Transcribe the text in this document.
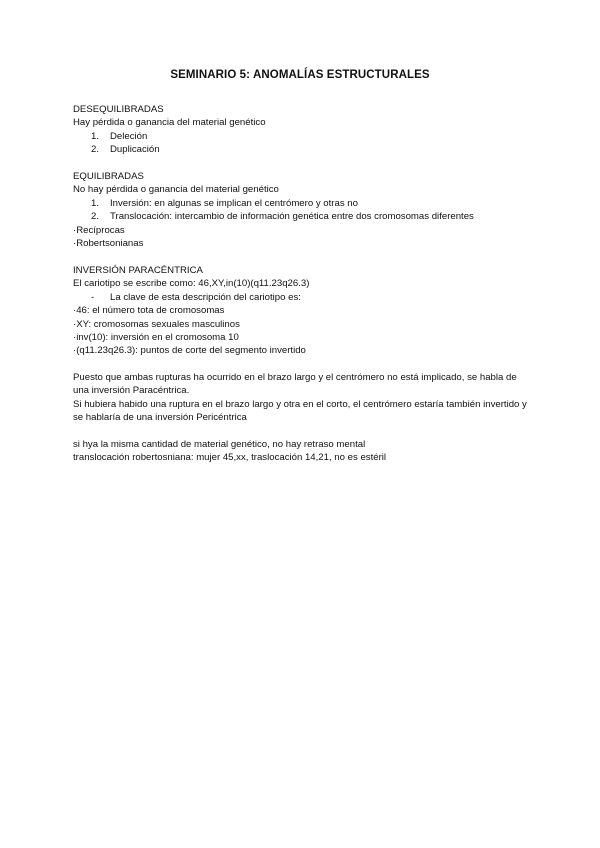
SEMINARIO 5: ANOMALÍAS ESTRUCTURALES
DESEQUILIBRADAS
Hay pérdida o ganancia del material genético
1.	Deleción
2.	Duplicación
EQUILIBRADAS
No hay pérdida o ganancia del material genético
1.	Inversión: en algunas se implican el centrómero y otras no
2.	Translocación: intercambio de información genética entre dos cromosomas diferentes
·Recíprocas
·Robertsonianas
INVERSIÓN PARACÉNTRICA
El cariotipo se escribe como: 46,XY,in(10)(q11.23q26.3)
-	La clave de esta descripción del cariotipo es:
·46: el número tota de cromosomas
·XY: cromosomas sexuales masculinos
·inv(10): inversión en el cromosoma 10
·(q11.23q26.3): puntos de corte del segmento invertido
Puesto que ambas rupturas ha ocurrido en el brazo largo y el centrómero no está implicado, se habla de una inversión Paracéntrica.
Si hubiera habido una ruptura en el brazo largo y otra en el corto, el centrómero estaría también invertido y se hablaría de una inversión Pericéntrica
si hya la misma cantidad de material genético, no hay retraso mental
translocación robertosniana: mujer 45,xx, traslocación 14,21, no es estéril
